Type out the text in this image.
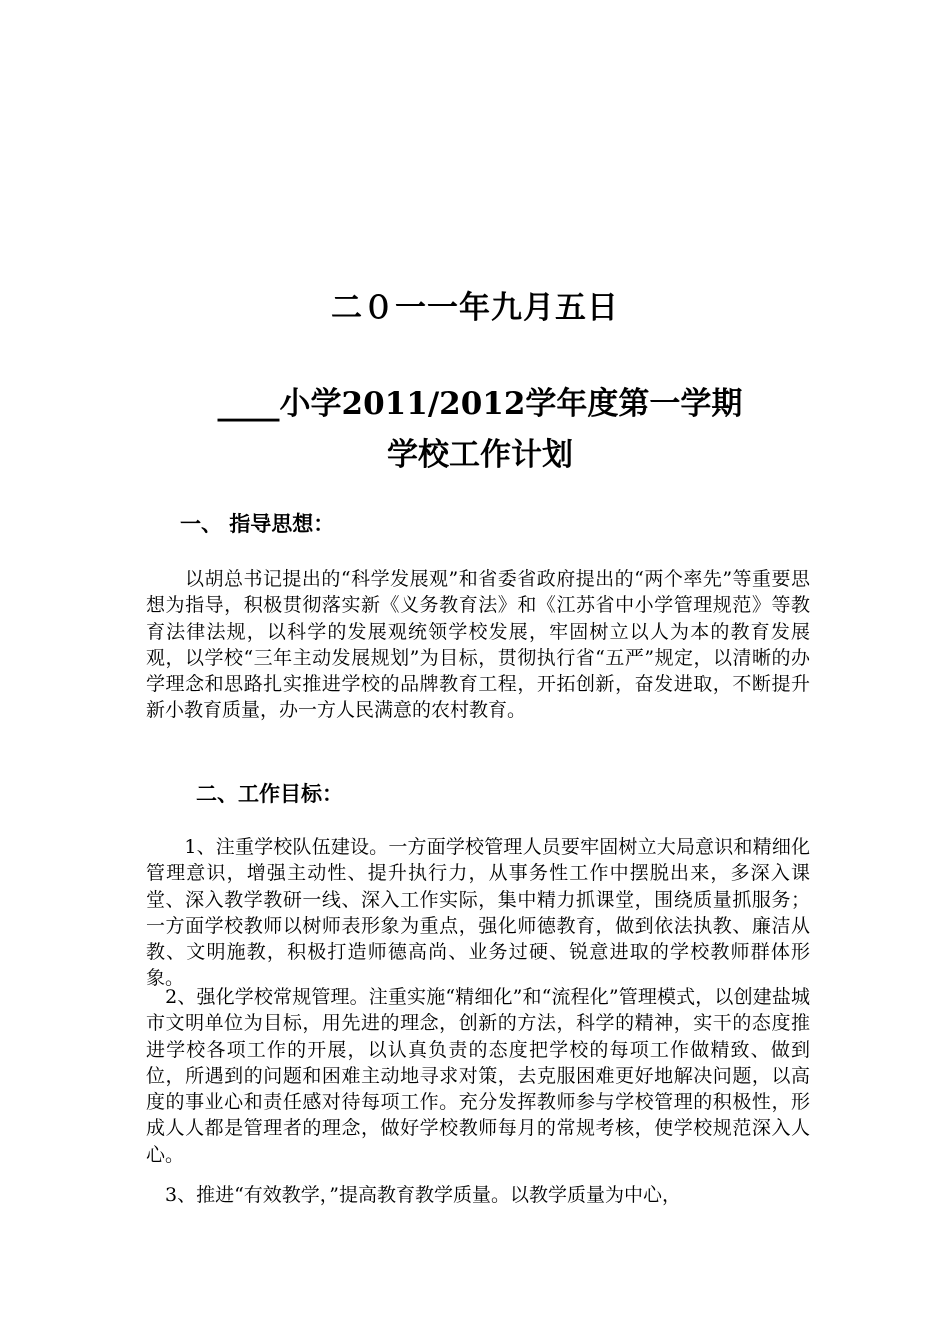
二０一一年九月五日
____小学2011/2012学年度第一学期
学校工作计划
一、 指导思想：

　　以胡总书记提出的“科学发展观”和省委省政府提出的“两个率先”等重要思想为指导，积极贯彻落实新《义务教育法》和《江苏省中小学管理规范》等教育法律法规，以科学的发展观统领学校发展，牢固树立以人为本的教育发展观，以学校“三年主动发展规划”为目标，贯彻执行省“五严”规定，以清晰的办学理念和思路扎实推进学校的品牌教育工程，开拓创新，奋发进取，不断提升新小教育质量，办一方人民满意的农村教育。

二、工作目标：

　　1、注重学校队伍建设。一方面学校管理人员要牢固树立大局意识和精细化管理意识，增强主动性、提升执行力，从事务性工作中摆脱出来，多深入课堂、深入教学教研一线、深入工作实际，集中精力抓课堂，围绕质量抓服务；一方面学校教师以树师表形象为重点，强化师德教育，做到依法执教、廉洁从教、文明施教，积极打造师德高尚、业务过硬、锐意进取的学校教师群体形象。

　2、强化学校常规管理。注重实施“精细化”和“流程化”管理模式，以创建盐城市文明单位为目标，用先进的理念，创新的方法，科学的精神，实干的态度推进学校各项工作的开展，以认真负责的态度把学校的每项工作做精致、做到位，所遇到的问题和困难主动地寻求对策，去克服困难更好地解决问题，以高度的事业心和责任感对待每项工作。充分发挥教师参与学校管理的积极性，形成人人都是管理者的理念，做好学校教师每月的常规考核，使学校规范深入人心。

　3、推进“有效教学，”提高教育教学质量。以教学质量为中心，
